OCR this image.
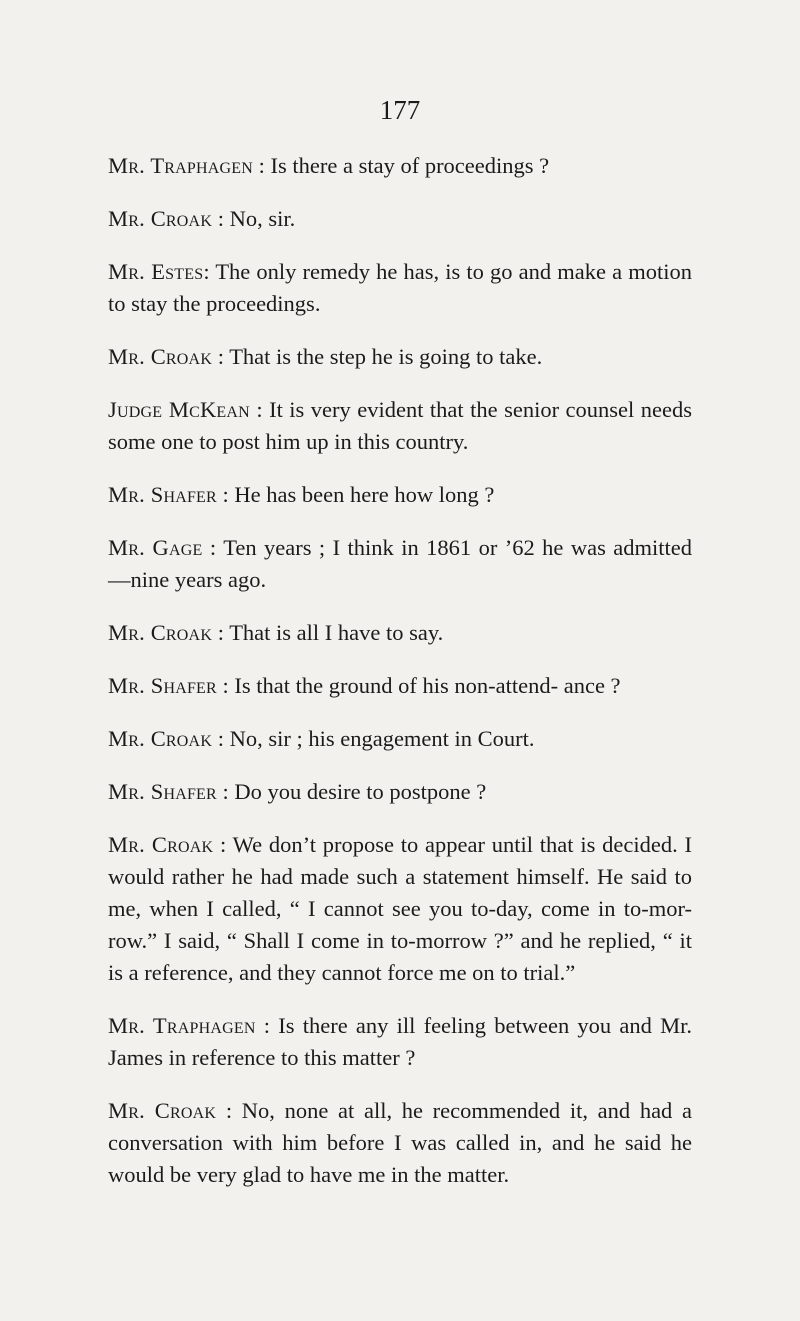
177

Mr. Traphagen : Is there a stay of proceedings ?

Mr. Croak : No, sir.

Mr. Estes: The only remedy he has, is to go and make a motion to stay the proceedings.

Mr. Croak : That is the step he is going to take.

Judge McKean : It is very evident that the senior counsel needs some one to post him up in this country.

Mr. Shafer : He has been here how long ?

Mr. Gage : Ten years ; I think in 1861 or ’62 he was admitted —nine years ago.

Mr. Croak : That is all I have to say.

Mr. Shafer : Is that the ground of his non-attend- ance ?

Mr. Croak : No, sir ; his engagement in Court.

Mr. Shafer : Do you desire to postpone ?

Mr. Croak : We don’t propose to appear until that is decided. I would rather he had made such a statement himself. He said to me, when I called, “ I cannot see you to-day, come in to-mor- row.” I said, “ Shall I come in to-morrow ?” and he replied, “ it is a reference, and they cannot force me on to trial.”

Mr. Traphagen : Is there any ill feeling between you and Mr. James in reference to this matter ?

Mr. Croak : No, none at all, he recommended it, and had a conversation with him before I was called in, and he said he would be very glad to have me in the matter.
